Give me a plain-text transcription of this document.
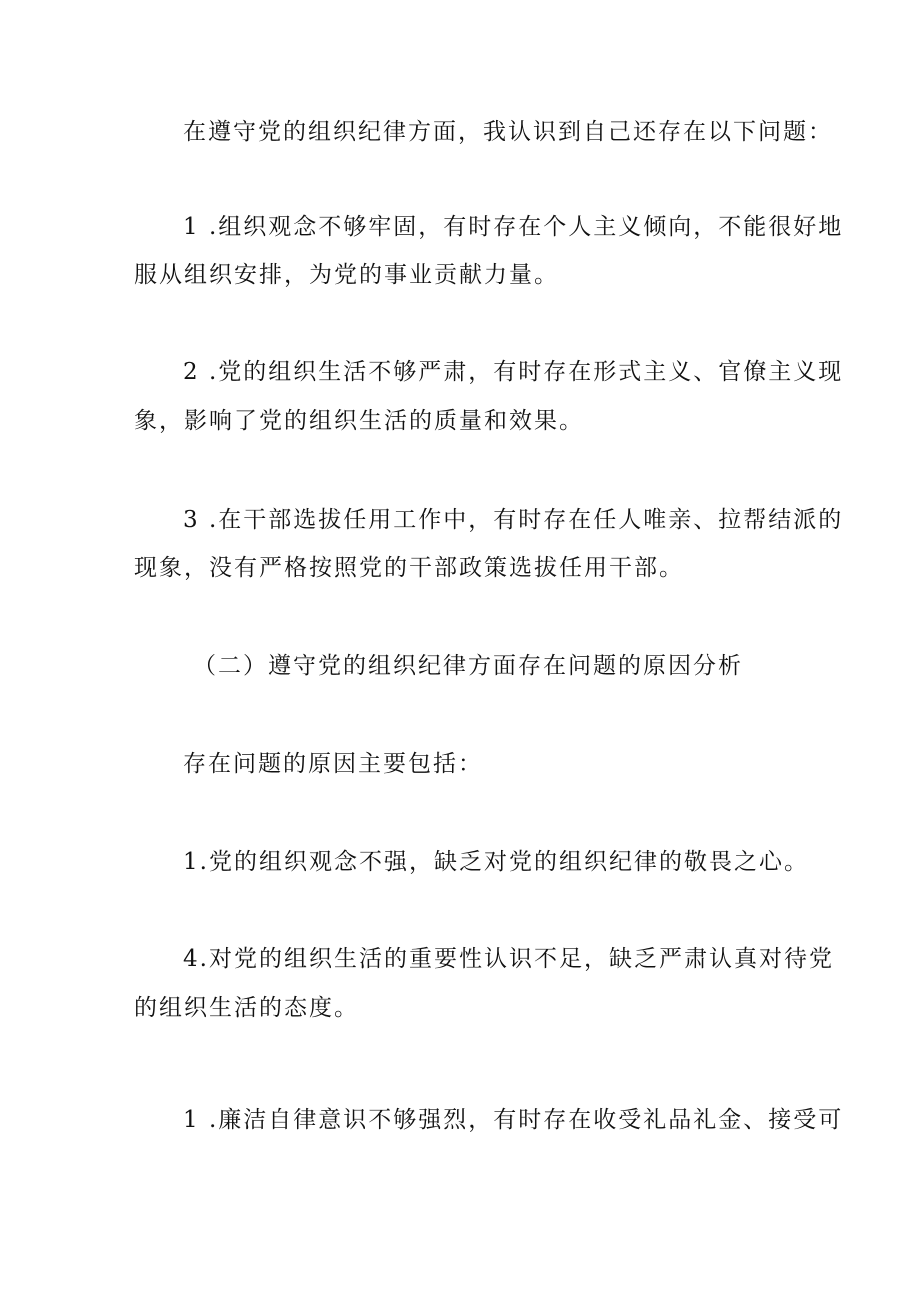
在遵守党的组织纪律方面，我认识到自己还存在以下问题：
1 .组织观念不够牢固，有时存在个人主义倾向，不能很好地
服从组织安排，为党的事业贡献力量。
2 .党的组织生活不够严肃，有时存在形式主义、官僚主义现
象，影响了党的组织生活的质量和效果。
3 .在干部选拔任用工作中，有时存在任人唯亲、拉帮结派的
现象，没有严格按照党的干部政策选拔任用干部。
（二）遵守党的组织纪律方面存在问题的原因分析
存在问题的原因主要包括：
1.党的组织观念不强，缺乏对党的组织纪律的敬畏之心。
4.对党的组织生活的重要性认识不足，缺乏严肃认真对待党
的组织生活的态度。
1 .廉洁自律意识不够强烈，有时存在收受礼品礼金、接受可
